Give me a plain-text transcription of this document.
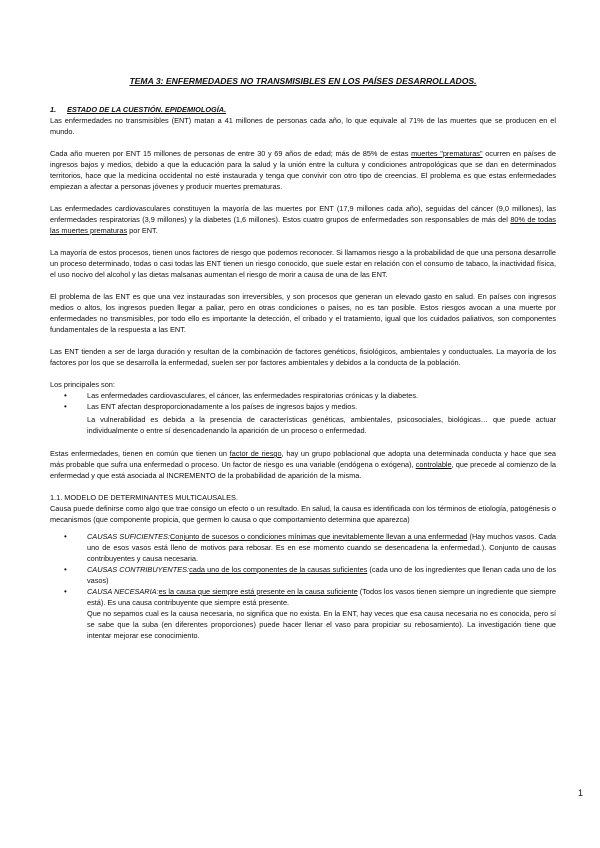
TEMA 3: ENFERMEDADES NO TRANSMISIBLES EN LOS PAÍSES DESARROLLADOS.
1. ESTADO DE LA CUESTIÓN. EPIDEMIOLOGÍA.

Las enfermedades no transmisibles (ENT) matan a 41 millones de personas cada año, lo que equivale al 71% de las muertes que se producen en el mundo.

Cada año mueren por ENT 15 millones de personas de entre 30 y 69 años de edad; más de 85% de estas muertes "prematuras" ocurren en países de ingresos bajos y medios, debido a que la educación para la salud y la unión entre la cultura y condiciones antropológicas que se dan en determinados territorios, hace que la medicina occidental no esté instaurada y tenga que convivir con otro tipo de creencias. El problema es que estas enfermedades empiezan a afectar a personas jóvenes y producir muertes prematuras.

Las enfermedades cardiovasculares constituyen la mayoría de las muertes por ENT (17,9 millones cada año), seguidas del cáncer (9,0 millones), las enfermedades respiratorias (3,9 millones) y la diabetes (1,6 millones). Estos cuatro grupos de enfermedades son responsables de más del 80% de todas las muertes prematuras por ENT.

La mayoría de estos procesos, tienen unos factores de riesgo que podemos reconocer. Si llamamos riesgo a la probabilidad de que una persona desarrolle un proceso determinado, todas o casi todas las ENT tienen un riesgo conocido, que suele estar en relación con el consumo de tabaco, la inactividad física, el uso nocivo del alcohol y las dietas malsanas aumentan el riesgo de morir a causa de una de las ENT.

El problema de las ENT es que una vez instauradas son irreversibles, y son procesos que generan un elevado gasto en salud. En países con ingresos medios o altos, los ingresos pueden llegar a paliar, pero en otras condiciones o países, no es tan posible. Estos riesgos avocan a una muerte por enfermedades no transmisibles, por todo ello es importante la detección, el cribado y el tratamiento, igual que los cuidados paliativos, son componentes fundamentales de la respuesta a las ENT.

Las ENT tienden a ser de larga duración y resultan de la combinación de factores genéticos, fisiológicos, ambientales y conductuales. La mayoría de los factores por los que se desarrolla la enfermedad, suelen ser por factores ambientales y debidos a la conducta de la población.

Los principales son:
• Las enfermedades cardiovasculares, el cáncer, las enfermedades respiratorias crónicas y la diabetes.
• Las ENT afectan desproporcionadamente a los países de ingresos bajos y medios.

La vulnerabilidad es debida a la presencia de características genéticas, ambientales, psicosociales, biológicas… que puede actuar individualmente o entre sí desencadenando la aparición de un proceso o enfermedad.

Estas enfermedades, tienen en común que tienen un factor de riesgo, hay un grupo poblacional que adopta una determinada conducta y hace que sea más probable que sufra una enfermedad o proceso. Un factor de riesgo es una variable (endógena o exógena), controlable, que precede al comienzo de la enfermedad y que está asociada al INCREMENTO de la probabilidad de aparición de la misma.

1.1. MODELO DE DETERMINANTES MULTICAUSALES.

Causa puede definirse como algo que trae consigo un efecto o un resultado. En salud, la causa es identificada con los términos de etiología, patogénesis o mecanismos (que componente propicia, que germen lo causa o que comportamiento determina que aparezca)

• CAUSAS SUFICIENTES:Conjunto de sucesos o condiciones mínimas que inevitablemente llevan a una enfermedad (Hay muchos vasos. Cada uno de esos vasos está lleno de motivos para rebosar. Es en ese momento cuando se desencadena la enfermedad.). Conjunto de causas contribuyentes y causa necesaria.
• CAUSAS CONTRIBUYENTES:cada uno de los componentes de la causas suficientes (cada uno de los ingredientes que llenan cada uno de los vasos)
• CAUSA NECESARIA:es la causa que siempre está presente en la causa suficiente (Todos los vasos tienen siempre un ingrediente que siempre está). Es una causa contribuyente que siempre está presente.

Que no sepamos cual es la causa necesaria, no significa que no exista. En la ENT, hay veces que esa causa necesaria no es conocida, pero sí se sabe que la suba (en diferentes proporciones) puede hacer llenar el vaso para propiciar su rebosamiento). La investigación tiene que intentar mejorar ese conocimiento.

1
